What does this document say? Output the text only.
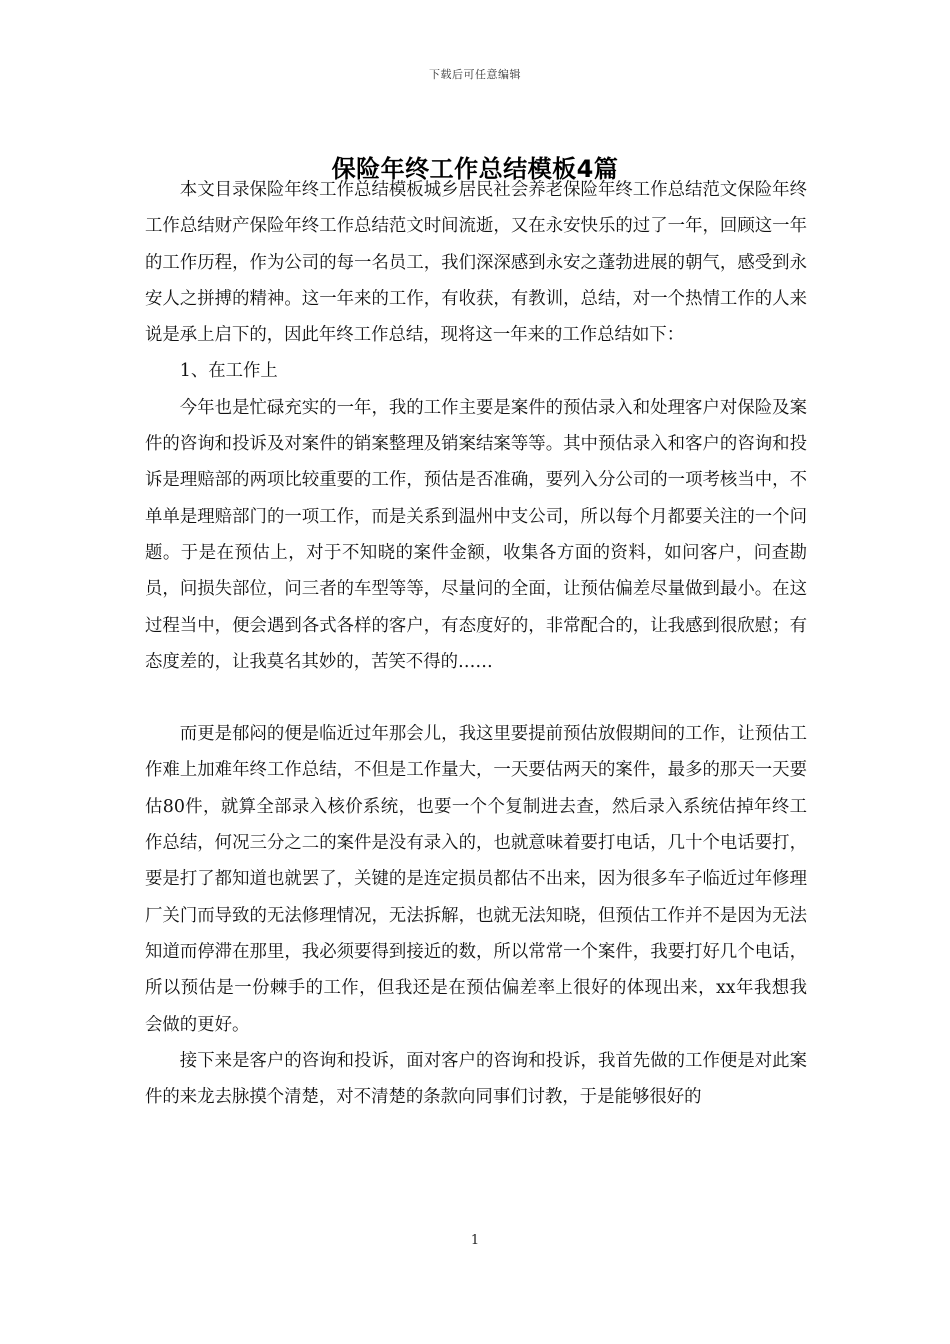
下载后可任意编辑
保险年终工作总结模板4篇

本文目录保险年终工作总结模板城乡居民社会养老保险年终工作总结范文保险年终工作总结财产保险年终工作总结范文时间流逝，又在永安快乐的过了一年，回顾这一年的工作历程，作为公司的每一名员工，我们深深感到永安之蓬勃进展的朝气，感受到永安人之拼搏的精神。这一年来的工作，有收获，有教训，总结，对一个热情工作的人来说是承上启下的，因此年终工作总结，现将这一年来的工作总结如下：

1、在工作上

今年也是忙碌充实的一年，我的工作主要是案件的预估录入和处理客户对保险及案件的咨询和投诉及对案件的销案整理及销案结案等等。其中预估录入和客户的咨询和投诉是理赔部的两项比较重要的工作，预估是否准确，要列入分公司的一项考核当中，不单单是理赔部门的一项工作，而是关系到温州中支公司，所以每个月都要关注的一个问题。于是在预估上，对于不知晓的案件金额，收集各方面的资料，如问客户，问查勘员，问损失部位，问三者的车型等等，尽量问的全面，让预估偏差尽量做到最小。在这过程当中，便会遇到各式各样的客户，有态度好的，非常配合的，让我感到很欣慰；有态度差的，让我莫名其妙的，苦笑不得的……

而更是郁闷的便是临近过年那会儿，我这里要提前预估放假期间的工作，让预估工作难上加难年终工作总结，不但是工作量大，一天要估两天的案件，最多的那天一天要估80件，就算全部录入核价系统，也要一个个复制进去查，然后录入系统估掉年终工作总结，何况三分之二的案件是没有录入的，也就意味着要打电话，几十个电话要打，要是打了都知道也就罢了，关键的是连定损员都估不出来，因为很多车子临近过年修理厂关门而导致的无法修理情况，无法拆解，也就无法知晓，但预估工作并不是因为无法知道而停滞在那里，我必须要得到接近的数，所以常常一个案件，我要打好几个电话，所以预估是一份棘手的工作，但我还是在预估偏差率上很好的体现出来，xx年我想我会做的更好。

接下来是客户的咨询和投诉，面对客户的咨询和投诉，我首先做的工作便是对此案件的来龙去脉摸个清楚，对不清楚的条款向同事们讨教，于是能够很好的

1
